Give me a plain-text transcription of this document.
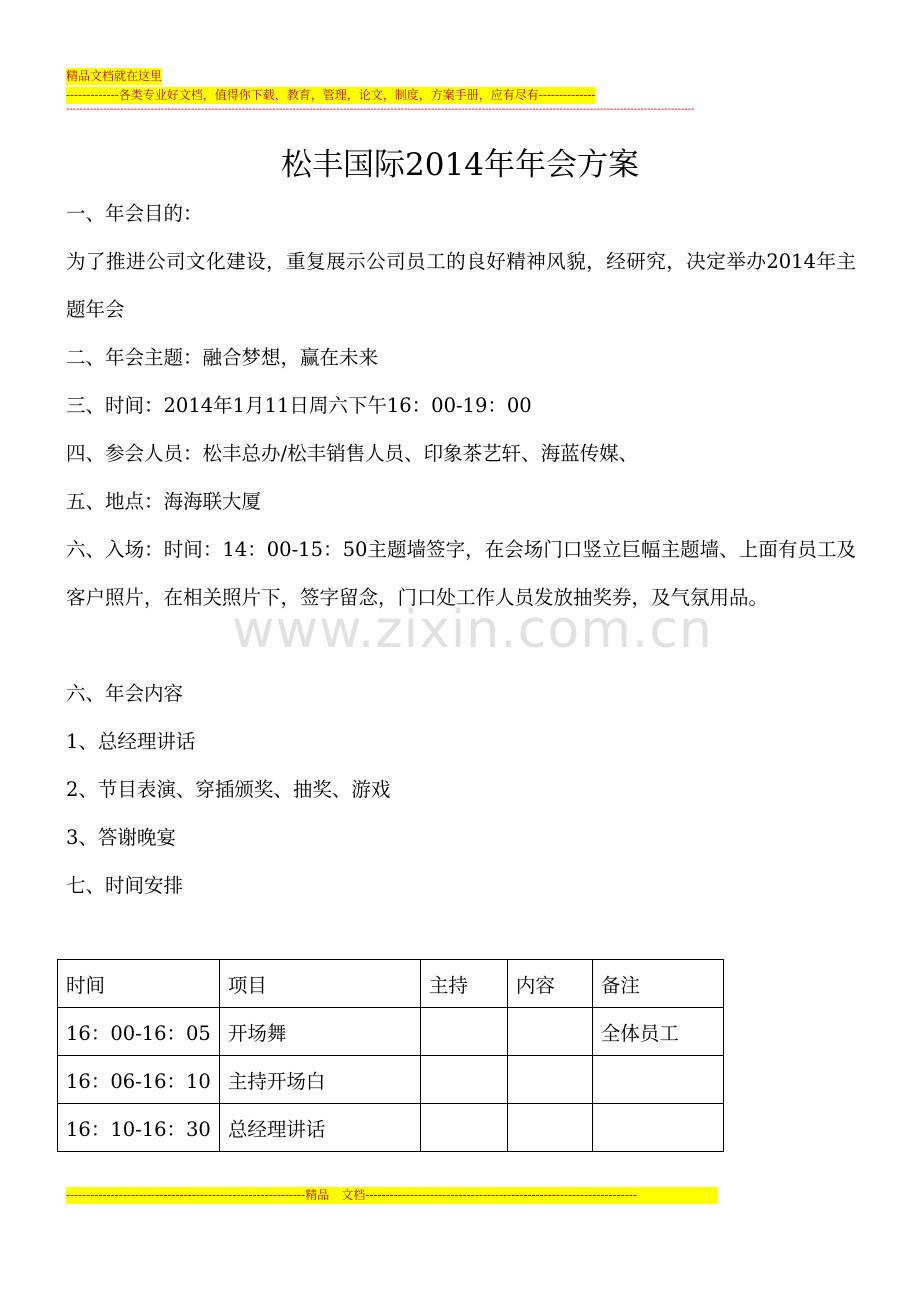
精品文档就在这里
-------------各类专业好文档，值得你下载，教育，管理，论文，制度，方案手册，应有尽有--------------
------------------------------------------------------------------------------------------------------------------------------------------------------------------------------------------
松丰国际2014年年会方案
一、年会目的：
为了推进公司文化建设，重复展示公司员工的良好精神风貌，经研究，决定举办2014年主题年会
二、年会主题：融合梦想，赢在未来
三、时间：2014年1月11日周六下午16：00-19：00
四、参会人员：松丰总办/松丰销售人员、印象茶艺轩、海蓝传媒、
五、地点：海海联大厦
六、入场：时间：14：00-15：50主题墙签字，在会场门口竖立巨幅主题墙、上面有员工及客户照片，在相关照片下，签字留念，门口处工作人员发放抽奖券，及气氛用品。
www.zixin.com.cn
六、年会内容
1、总经理讲话
2、节目表演、穿插颁奖、抽奖、游戏
3、答谢晚宴
七、时间安排
时间	项目	主持	内容	备注
16：00-16：05	开场舞			全体员工
16：06-16：10	主持开场白			
16：10-16：30	总经理讲话			
-----------------------------------------------------------精品　文档-------------------------------------------------------------------
